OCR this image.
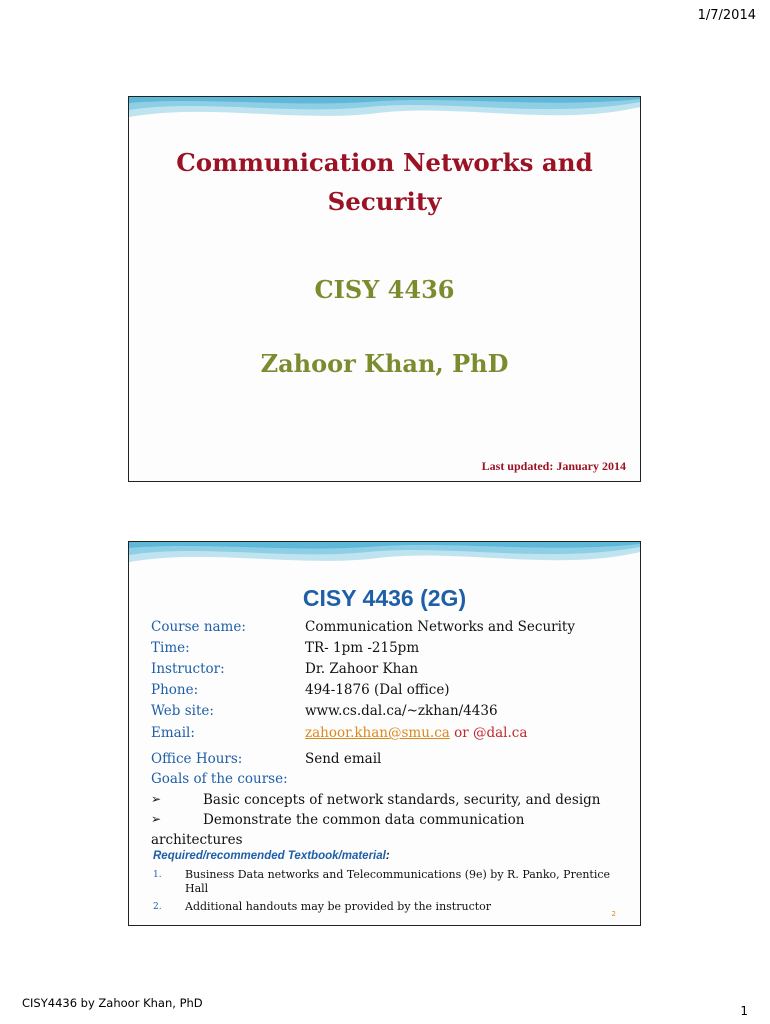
1/7/2014
Communication Networks and
Security
CISY 4436
Zahoor Khan, PhD
Last updated: January 2014
CISY 4436 (2G)
Course name:	Communication Networks and Security
Time:	TR- 1pm -215pm
Instructor:	Dr. Zahoor Khan
Phone:	494-1876 (Dal office)
Web site:	www.cs.dal.ca/~zkhan/4436
Email:	zahoor.khan@smu.ca or @dal.ca
Office Hours:	Send email
Goals of the course:
➢	Basic concepts of network standards, security, and design
➢	Demonstrate the common data communication
architectures
Required/recommended Textbook/material:
1. Business Data networks and Telecommunications (9e) by R. Panko, Prentice Hall
2. Additional handouts may be provided by the instructor
2
CISY4436 by Zahoor Khan, PhD
1
